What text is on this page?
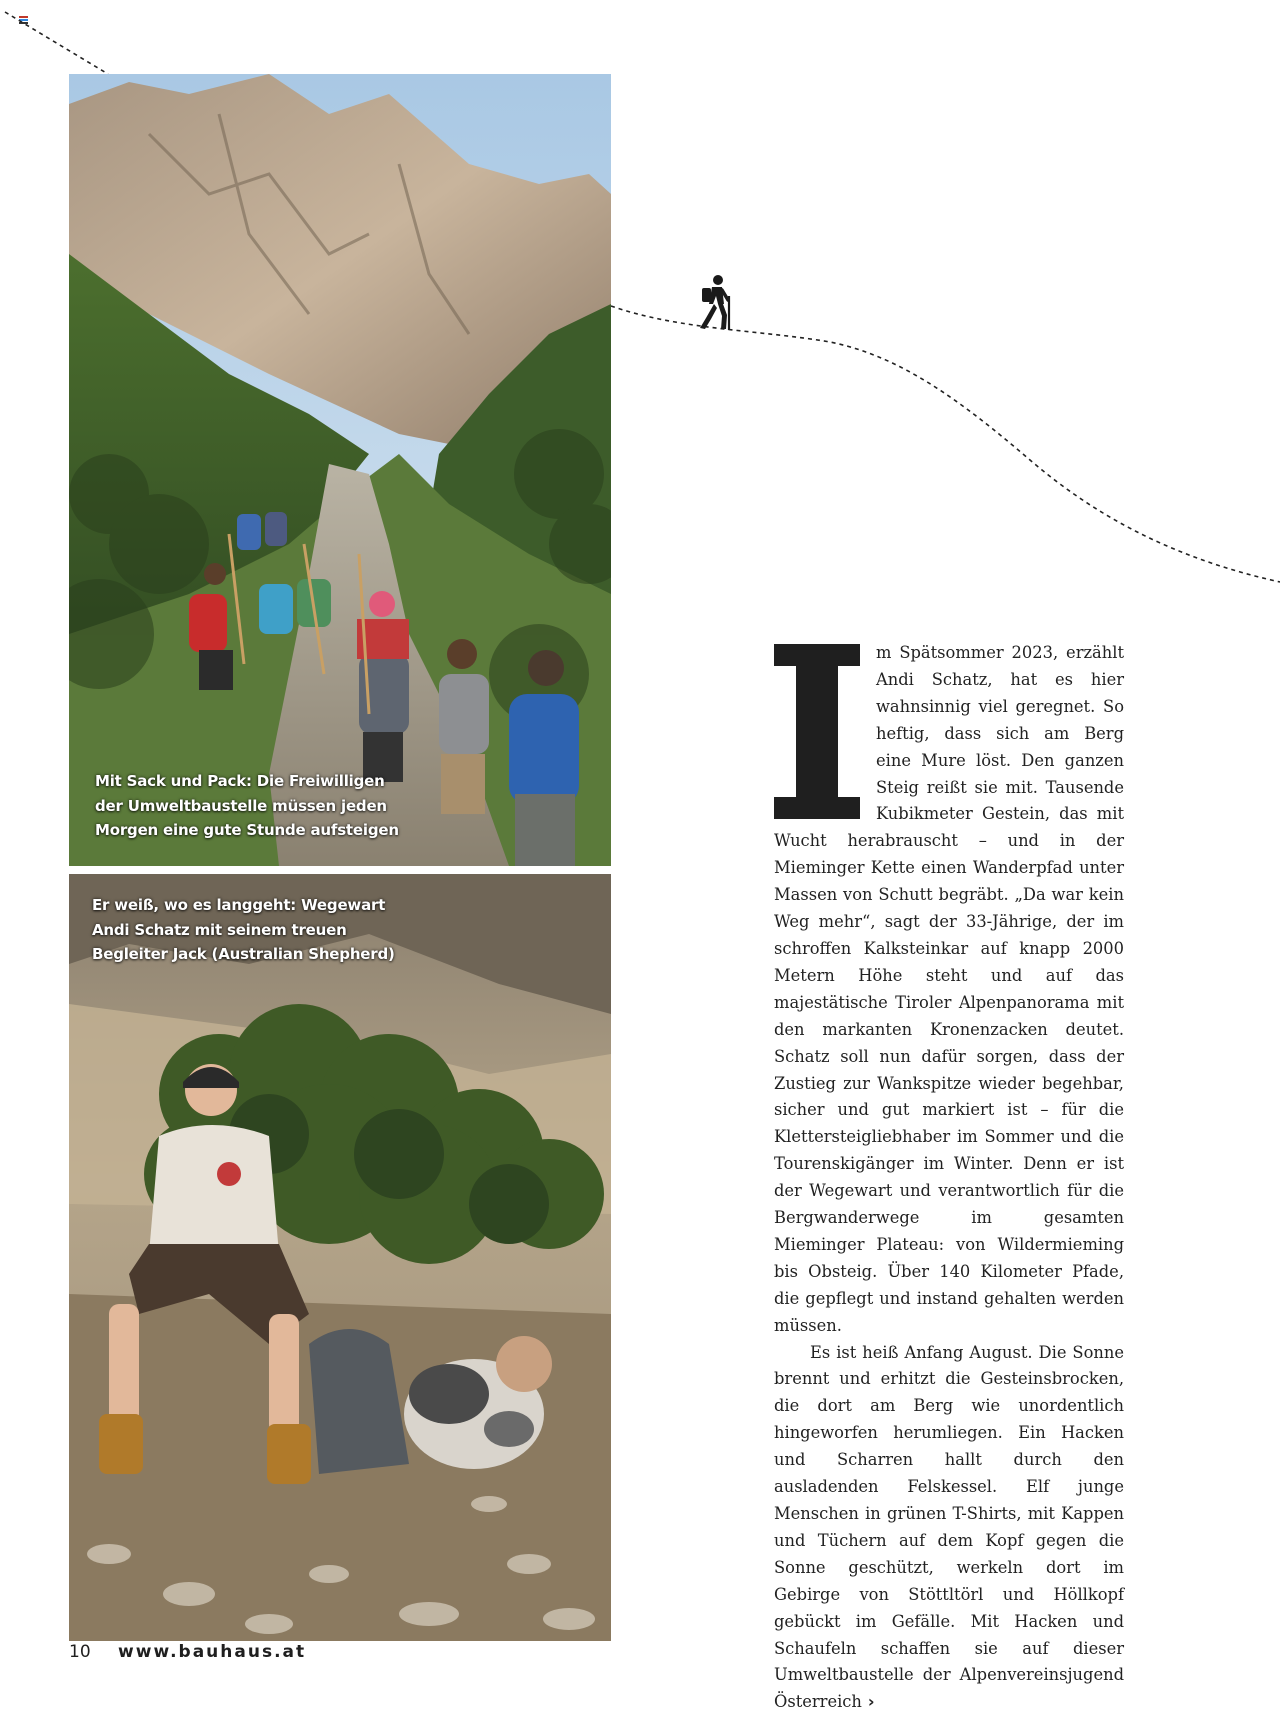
Mit Sack und Pack: Die Freiwilligen
der Umweltbaustelle müssen jeden
Morgen eine gute Stunde aufsteigen
Er weiß, wo es langgeht: Wegewart
Andi Schatz mit seinem treuen
Begleiter Jack (Australian Shepherd)
I

m Spätsommer 2023, erzählt Andi Schatz, hat es hier wahnsinnig viel geregnet. So heftig, dass sich am Berg eine Mure löst. Den ganzen Steig reißt sie mit. Tausende Kubikmeter Gestein, das mit Wucht herabrauscht – und in der Mieminger Kette einen Wanderpfad unter Massen von Schutt begräbt. „Da war kein Weg mehr“, sagt der 33-Jährige, der im schroffen Kalksteinkar auf knapp 2000 Metern Höhe steht und auf das majestätische Tiroler Alpenpanorama mit den markanten Kronenzacken deutet. Schatz soll nun dafür sorgen, dass der Zustieg zur Wankspitze wieder begehbar, sicher und gut markiert ist – für die Klettersteigliebhaber im Sommer und die Tourenskigänger im Winter. Denn er ist der Wegewart und verantwortlich für die Bergwanderwege im gesamten Mieminger Plateau: von Wildermieming bis Obsteig. Über 140 Kilometer Pfade, die gepflegt und instand gehalten werden müssen.

Es ist heiß Anfang August. Die Sonne brennt und erhitzt die Gesteinsbrocken, die dort am Berg wie unordentlich hingeworfen herumliegen. Ein Hacken und Scharren hallt durch den ausladenden Felskessel. Elf junge Menschen in grünen T-Shirts, mit Kappen und Tüchern auf dem Kopf gegen die Sonne geschützt, werkeln dort im Gebirge von Stöttltörl und Höllkopf gebückt im Gefälle. Mit Hacken und Schaufeln schaffen sie auf dieser Umweltbaustelle der Alpenvereinsjugend Österreich ›

10 www.bauhaus.at
